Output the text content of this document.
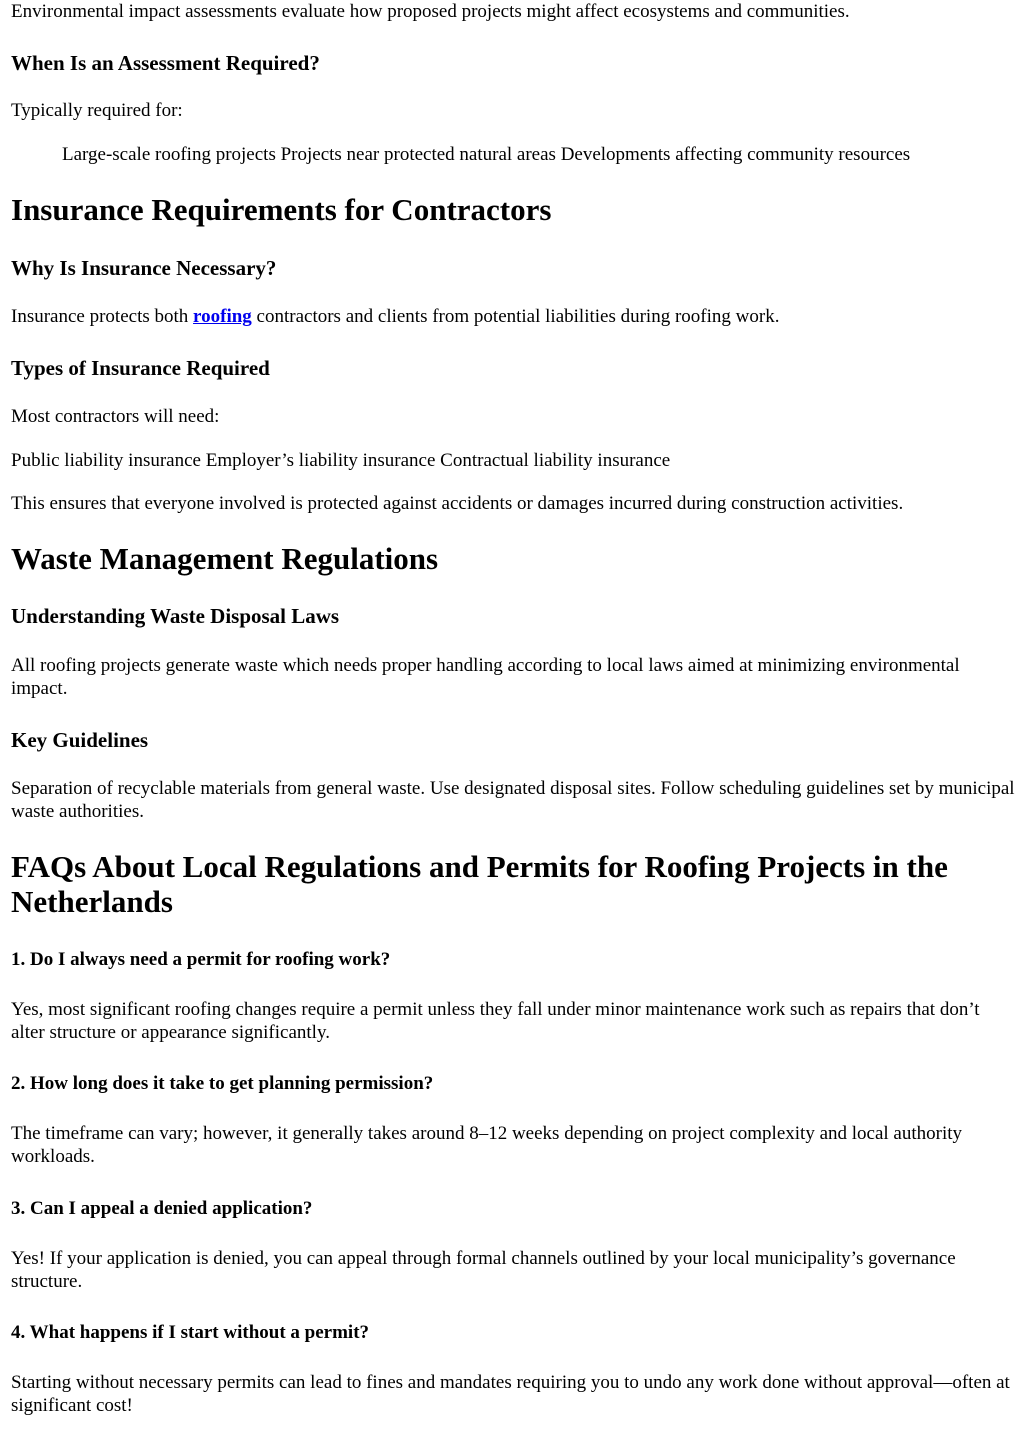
Environmental impact assessments evaluate how proposed projects might affect ecosystems and communities.

When Is an Assessment Required?

Typically required for:

Large-scale roofing projects Projects near protected natural areas Developments affecting community resources

Insurance Requirements for Contractors
Why Is Insurance Necessary?

Insurance protects both roofing contractors and clients from potential liabilities during roofing work.

Types of Insurance Required

Most contractors will need:

Public liability insurance Employer’s liability insurance Contractual liability insurance

This ensures that everyone involved is protected against accidents or damages incurred during construction activities.

Waste Management Regulations
Understanding Waste Disposal Laws

All roofing projects generate waste which needs proper handling according to local laws aimed at minimizing environmental impact.

Key Guidelines

Separation of recyclable materials from general waste. Use designated disposal sites. Follow scheduling guidelines set by municipal waste authorities.

FAQs About Local Regulations and Permits for Roofing Projects in the Netherlands
1. Do I always need a permit for roofing work?

Yes, most significant roofing changes require a permit unless they fall under minor maintenance work such as repairs that don’t alter structure or appearance significantly.

2. How long does it take to get planning permission?

The timeframe can vary; however, it generally takes around 8–12 weeks depending on project complexity and local authority workloads.

3. Can I appeal a denied application?

Yes! If your application is denied, you can appeal through formal channels outlined by your local municipality’s governance structure.

4. What happens if I start without a permit?

Starting without necessary permits can lead to fines and mandates requiring you to undo any work done without approval—often at significant cost!
